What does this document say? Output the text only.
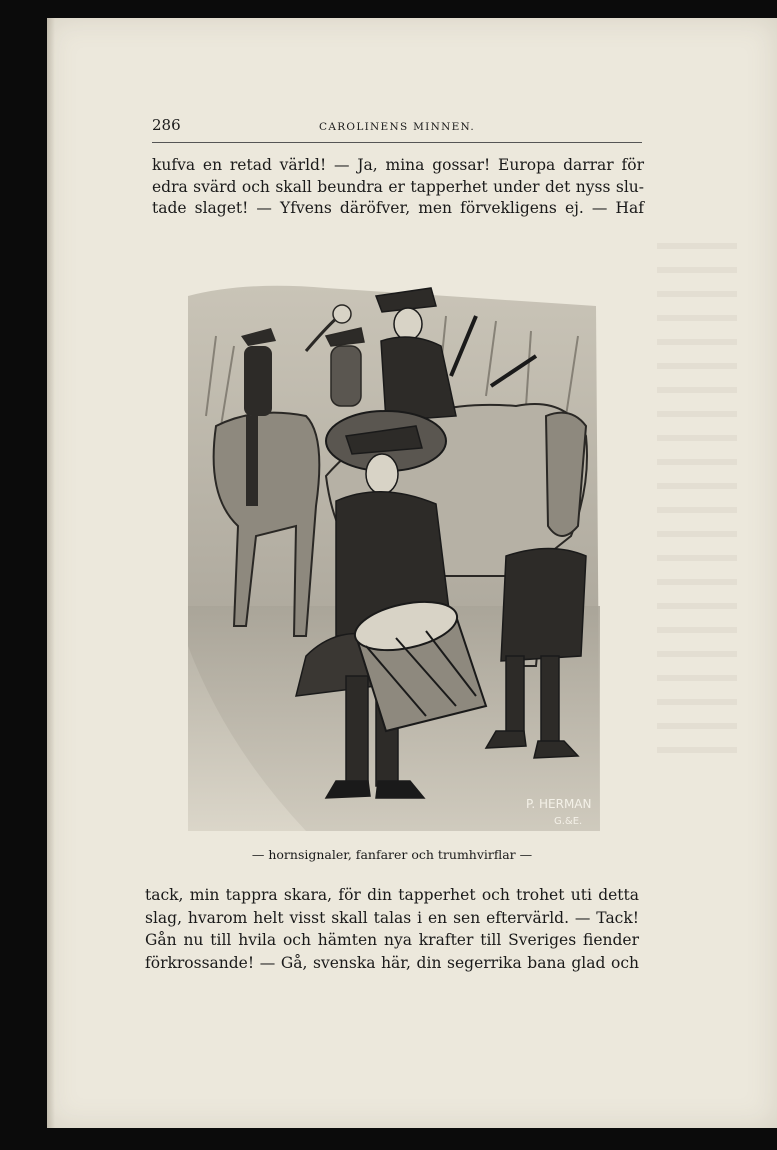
286	CAROLINENS MINNEN.
kufva en retad värld! — Ja, mina gossar! Europa darrar för
edra svärd och skall beundra er tapperhet under det nyss slu-
tade slaget! — Yfvens däröfver, men förvekligens ej. — Haf
P. HERMAN
G.&E.
— hornsignaler, fanfarer och trumhvirflar —
tack, min tappra skara, för din tapperhet och trohet uti detta
slag, hvarom helt visst skall talas i en sen eftervärld. — Tack!
Gån nu till hvila och hämten nya krafter till Sveriges fiender
förkrossande! — Gå, svenska här, din segerrika bana glad och
